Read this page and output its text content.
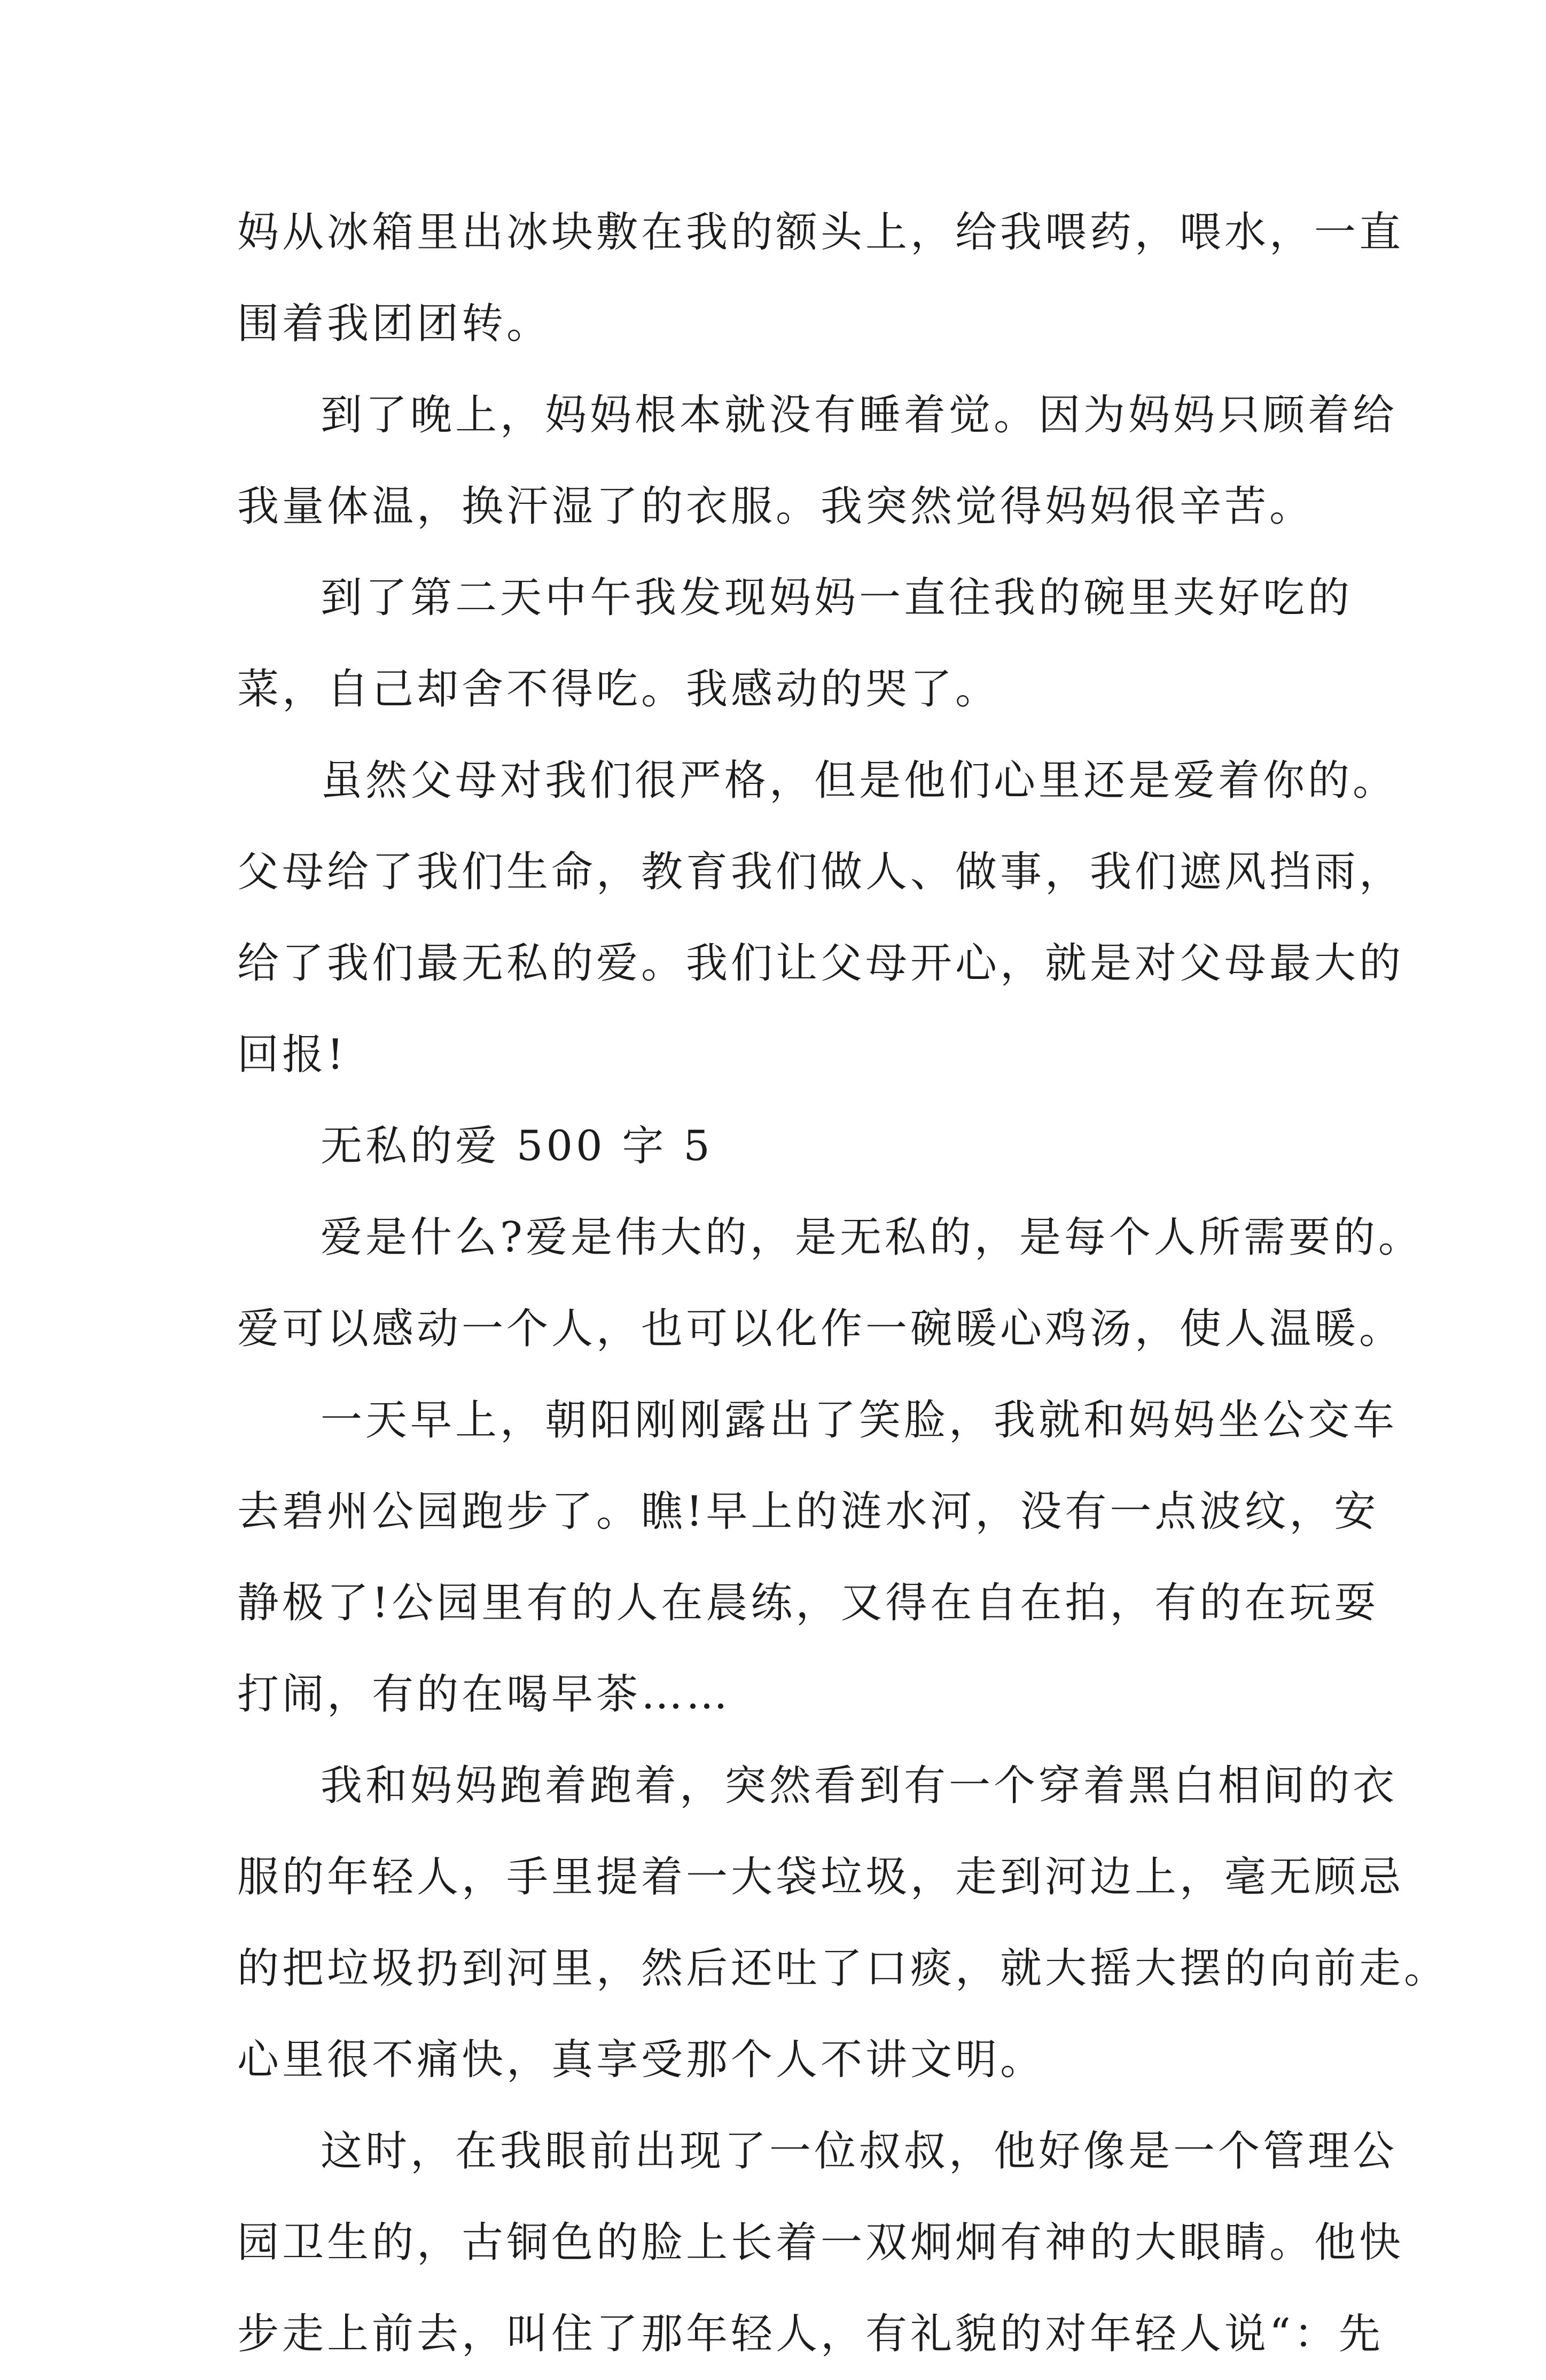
妈从冰箱里出冰块敷在我的额头上，给我喂药，喂水，一直
围着我团团转。
到了晚上，妈妈根本就没有睡着觉。因为妈妈只顾着给
我量体温，换汗湿了的衣服。我突然觉得妈妈很辛苦。
到了第二天中午我发现妈妈一直往我的碗里夹好吃的
菜，自己却舍不得吃。我感动的哭了。
虽然父母对我们很严格，但是他们心里还是爱着你的。
父母给了我们生命，教育我们做人、做事，我们遮风挡雨，
给了我们最无私的爱。我们让父母开心，就是对父母最大的
回报!
无私的爱 500 字 5
爱是什么?爱是伟大的，是无私的，是每个人所需要的。
爱可以感动一个人，也可以化作一碗暖心鸡汤，使人温暖。
一天早上，朝阳刚刚露出了笑脸，我就和妈妈坐公交车
去碧州公园跑步了。瞧!早上的涟水河，没有一点波纹，安
静极了!公园里有的人在晨练，又得在自在拍，有的在玩耍
打闹，有的在喝早茶……
我和妈妈跑着跑着，突然看到有一个穿着黑白相间的衣
服的年轻人，手里提着一大袋垃圾，走到河边上，毫无顾忌
的把垃圾扔到河里，然后还吐了口痰，就大摇大摆的向前走。
心里很不痛快，真享受那个人不讲文明。
这时，在我眼前出现了一位叔叔，他好像是一个管理公
园卫生的，古铜色的脸上长着一双炯炯有神的大眼睛。他快
步走上前去，叫住了那年轻人，有礼貌的对年轻人说“：先
